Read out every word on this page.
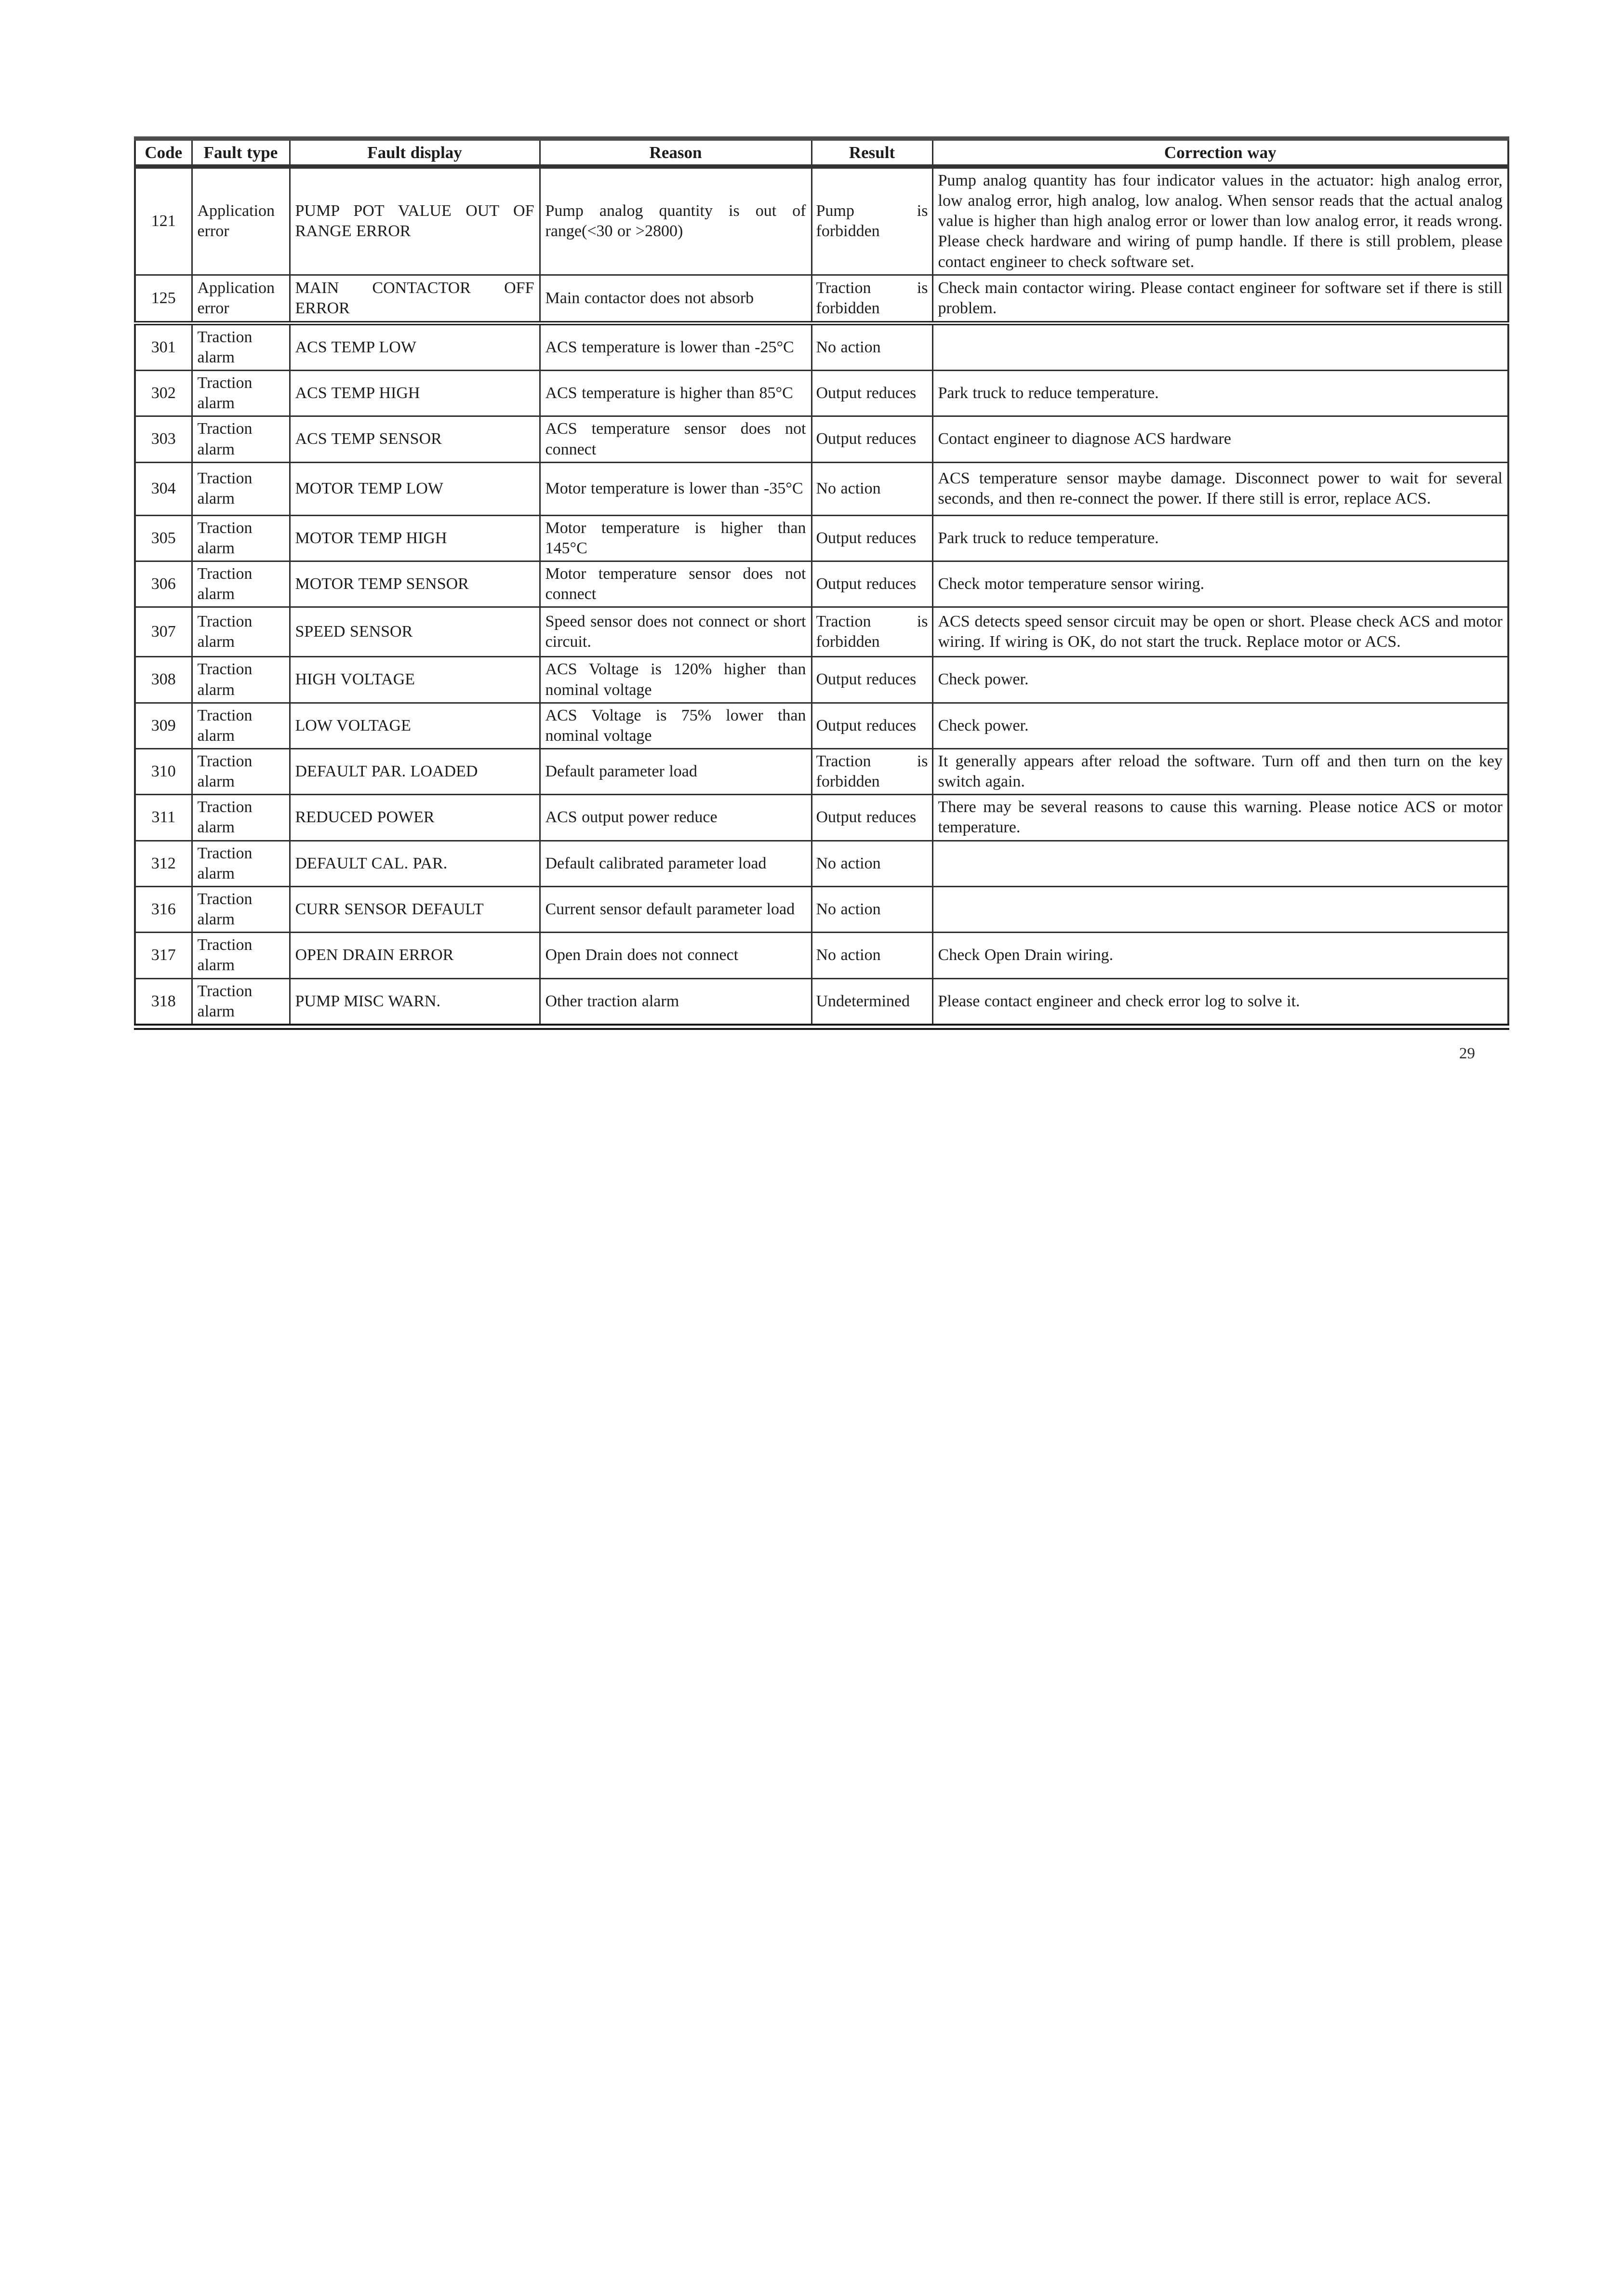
Code	Fault type	Fault display	Reason	Result	Correction way
121	Application error	PUMP POT VALUE OUT OF RANGE ERROR	Pump analog quantity is out of range(<30 or >2800)	Pump is forbidden	Pump analog quantity has four indicator values in the actuator: high analog error, low analog error, high analog, low analog. When sensor reads that the actual analog value is higher than high analog error or lower than low analog error, it reads wrong. Please check hardware and wiring of pump handle. If there is still problem, please contact engineer to check software set.
125	Application error	MAIN CONTACTOR OFF ERROR	Main contactor does not absorb	Traction is forbidden	Check main contactor wiring. Please contact engineer for software set if there is still problem.
301	Traction alarm	ACS TEMP LOW	ACS temperature is lower than -25°C	No action	
302	Traction alarm	ACS TEMP HIGH	ACS temperature is higher than 85°C	Output reduces	Park truck to reduce temperature.
303	Traction alarm	ACS TEMP SENSOR	ACS temperature sensor does not connect	Output reduces	Contact engineer to diagnose ACS hardware
304	Traction alarm	MOTOR TEMP LOW	Motor temperature is lower than -35°C	No action	ACS temperature sensor maybe damage. Disconnect power to wait for several seconds, and then re-connect the power. If there still is error, replace ACS.
305	Traction alarm	MOTOR TEMP HIGH	Motor temperature is higher than 145°C	Output reduces	Park truck to reduce temperature.
306	Traction alarm	MOTOR TEMP SENSOR	Motor temperature sensor does not connect	Output reduces	Check motor temperature sensor wiring.
307	Traction alarm	SPEED SENSOR	Speed sensor does not connect or short circuit.	Traction is forbidden	ACS detects speed sensor circuit may be open or short. Please check ACS and motor wiring. If wiring is OK, do not start the truck. Replace motor or ACS.
308	Traction alarm	HIGH VOLTAGE	ACS Voltage is 120% higher than nominal voltage	Output reduces	Check power.
309	Traction alarm	LOW VOLTAGE	ACS Voltage is 75% lower than nominal voltage	Output reduces	Check power.
310	Traction alarm	DEFAULT PAR. LOADED	Default parameter load	Traction is forbidden	It generally appears after reload the software. Turn off and then turn on the key switch again.
311	Traction alarm	REDUCED POWER	ACS output power reduce	Output reduces	There may be several reasons to cause this warning. Please notice ACS or motor temperature.
312	Traction alarm	DEFAULT CAL. PAR.	Default calibrated parameter load	No action	
316	Traction alarm	CURR SENSOR DEFAULT	Current sensor default parameter load	No action	
317	Traction alarm	OPEN DRAIN ERROR	Open Drain does not connect	No action	Check Open Drain wiring.
318	Traction alarm	PUMP MISC WARN.	Other traction alarm	Undetermined	Please contact engineer and check error log to solve it.
29
